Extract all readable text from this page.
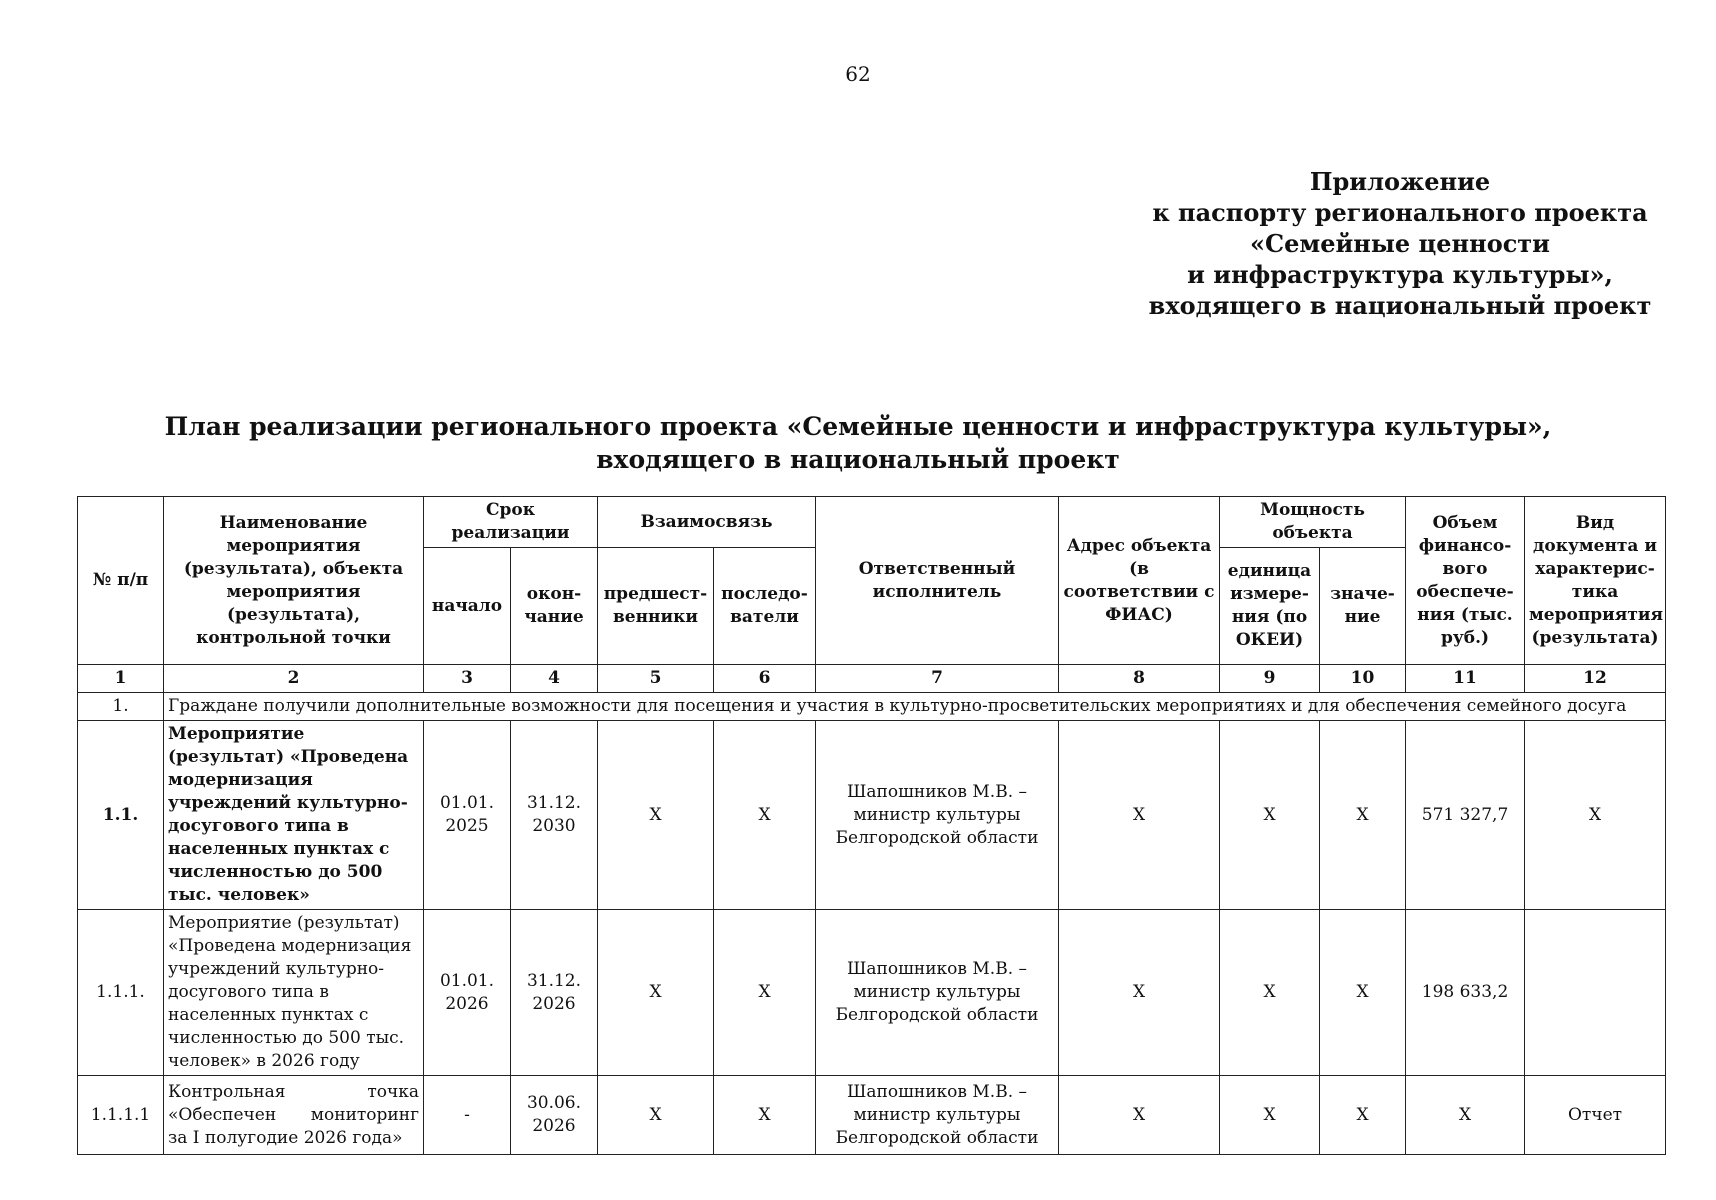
62
Приложение
к паспорту регионального проекта
«Семейные ценности
и инфраструктура культуры»,
входящего в национальный проект
План реализации регионального проекта «Семейные ценности и инфраструктура культуры»,
входящего в национальный проект
№ п/п	Наименование мероприятия (результата), объекта мероприятия (результата), контрольной точки	Срок реализации		Взаимосвязь		Ответственный исполнитель	Адрес объекта (в соответствии с ФИАС)	Мощность объекта		Объем финансо-вого обеспече-ния (тыс. руб.)	Вид документа и характерис-тика мероприятия (результата)
		начало	окон-чание	предшест-венники	последо-ватели			единица измере-ния (по ОКЕИ)	значе-ние		
1	2	3	4	5	6	7	8	9	10	11	12
1.	Граждане получили дополнительные возможности для посещения и участия в культурно-просветительских мероприятиях и для обеспечения семейного досуга										
1.1.	Мероприятие (результат) «Проведена модернизация учреждений культурно-досугового типа в населенных пунктах с численностью до 500 тыс. человек»	01.01. 2025	31.12. 2030	Х	Х	Шапошников М.В. – министр культуры Белгородской области	Х	Х	Х	571 327,7	Х
1.1.1.	Мероприятие (результат) «Проведена модернизация учреждений культурно-досугового типа в населенных пунктах с численностью до 500 тыс. человек» в 2026 году	01.01. 2026	31.12. 2026	Х	Х	Шапошников М.В. – министр культуры Белгородской области	Х	Х	Х	198 633,2	
1.1.1.1	Контрольная точка
«Обеспечен мониторинг
за I полугодие 2026 года»	-	30.06. 2026	Х	Х	Шапошников М.В. – министр культуры Белгородской области	Х	Х	Х	Х	Отчет
